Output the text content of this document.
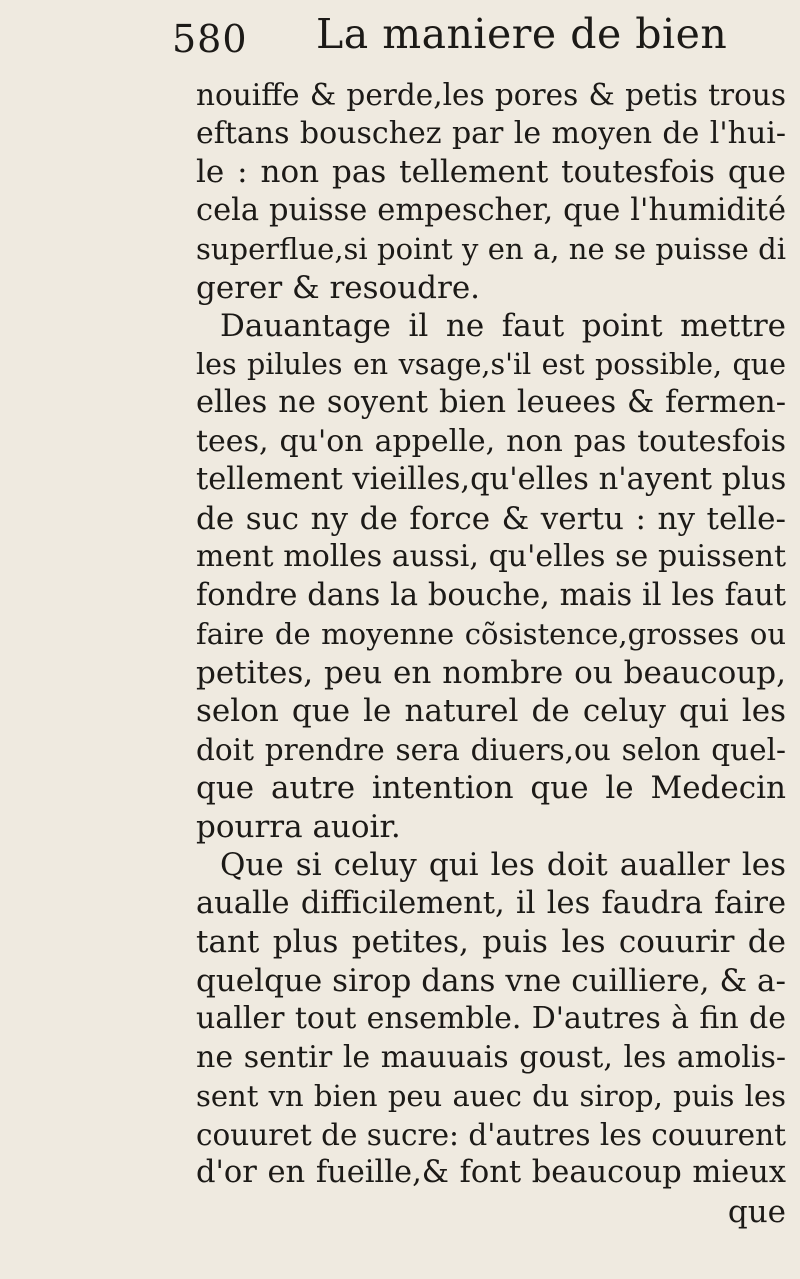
580 La maniere de bien
nouiffe & perde,les pores & petis trous
eftans bouschez par le moyen de l'hui-
le : non pas tellement toutesfois que
cela puisse empescher, que l'humidité
superflue,si point y en a, ne se puisse di
gerer & resoudre.
Dauantage il ne faut point mettre
les pilules en vsage,s'il est possible, que
elles ne soyent bien leuees & fermen-
tees, qu'on appelle, non pas toutesfois
tellement vieilles,qu'elles n'ayent plus
de suc ny de force & vertu : ny telle-
ment molles aussi, qu'elles se puissent
fondre dans la bouche, mais il les faut
faire de moyenne cõsistence,grosses ou
petites, peu en nombre ou beaucoup,
selon que le naturel de celuy qui les
doit prendre sera diuers,ou selon quel-
que autre intention que le Medecin
pourra auoir.
Que si celuy qui les doit aualler les
aualle difficilement, il les faudra faire
tant plus petites, puis les couurir de
quelque sirop dans vne cuilliere, & a-
ualler tout ensemble. D'autres à fin de
ne sentir le mauuais goust, les amolis-
sent vn bien peu auec du sirop, puis les
couuret de sucre: d'autres les couurent
d'or en fueille,& font beaucoup mieux
que
